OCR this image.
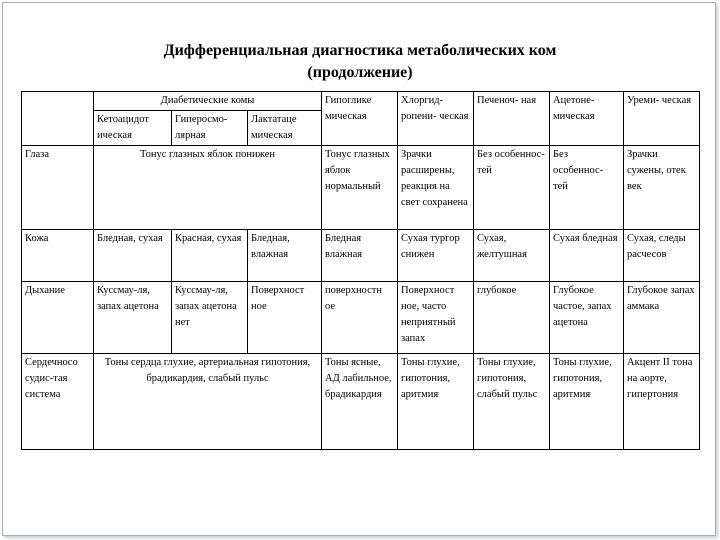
Дифференциальная диагностика метаболических ком
(продолжение)
	Диабетические комы			Гипоглике мическая	Хлоргид- ропени- ческая	Печеноч- ная	Ацетоне- мическая	Уреми- ческая
	Кетоацидот ическая	Гиперосмо- лярная	Лактатаце мическая					
Глаза	Тонус глазных яблок понижен			Тонус глазных яблок нормальный	Зрачки расширены, реакция на свет сохранена	Без особеннос- тей	Без особеннос- тей	Зрачки сужены, отек век
Кожа	Бледная, сухая	Красная, сухая	Бледная, влажная	Бледная влажная	Сухая тургор снижен	Сухая, желтушная	Сухая бледная	Сухая, следы расчесов
Дыхание	Куссмау-ля, запах ацетона	Куссмау-ля, запах ацетона нет	Поверхност ное	поверхностн ое	Поверхност ное, часто неприятный запах	глубокое	Глубокое частое, запах ацетона	Глубокое запах аммака
Сердечнoсо судис-тая система	Тоны сердца глухие, артериальная гипотония, брадикардия, слабый пульс			Тоны ясные, АД лабильное, брадикардия	Тоны глухие, гипотония, аритмия	Тоны глухие, гипотония, слабый пульс	Тоны глухие, гипотония, аритмия	Акцент II тона на аорте, гипертония
